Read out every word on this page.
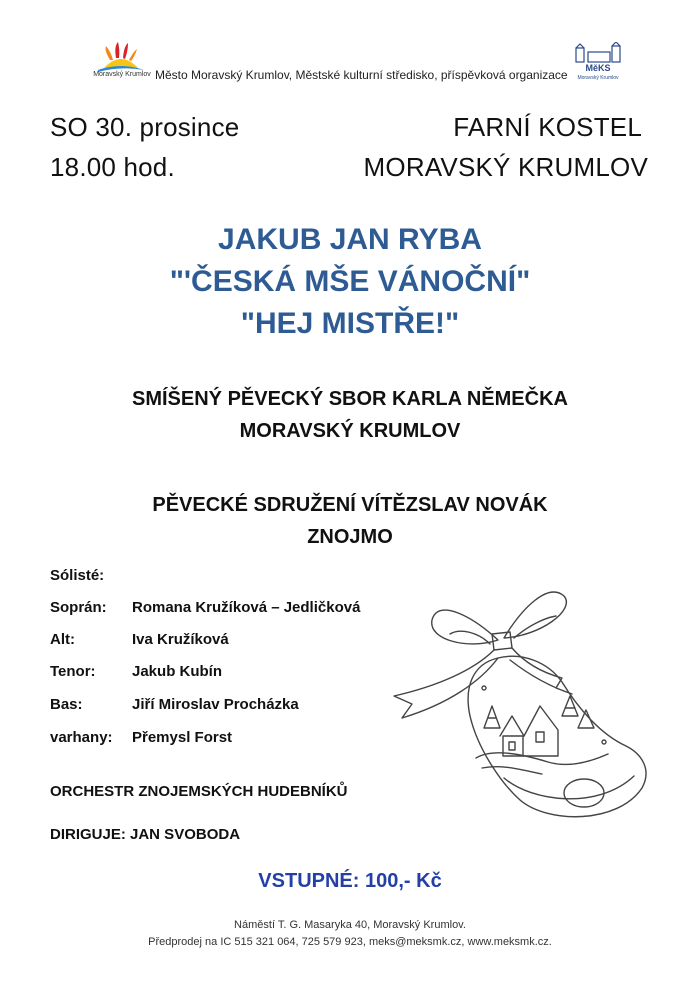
Moravský Krumlov Město Moravský Krumlov, Městské kulturní středisko, příspěvková organizace MěKS
Moravský Krumlov
SO 30. prosince
18.00 hod.
FARNÍ KOSTEL
MORAVSKÝ KRUMLOV
JAKUB JAN RYBA
"'ČESKÁ MŠE VÁNOČNÍ"
"HEJ MISTŘE!"
SMÍŠENÝ PĚVECKÝ SBOR KARLA NĚMEČKA
MORAVSKÝ KRUMLOV
PĚVECKÉ SDRUŽENÍ VÍTĚZSLAV NOVÁK
ZNOJMO
Sólisté:
Soprán: Romana Kružíková – Jedličková
Alt:	Iva Kružíková
Tenor: Jakub Kubín
Bas:	Jiří Miroslav Procházka
varhany: Přemysl Forst
ORCHESTR ZNOJEMSKÝCH HUDEBNÍKŮ
DIRIGUJE: JAN SVOBODA
VSTUPNÉ: 100,- Kč
Náměstí T. G. Masaryka 40, Moravský Krumlov.
Předprodej na IC 515 321 064, 725 579 923, meks@meksmk.cz, www.meksmk.cz.
